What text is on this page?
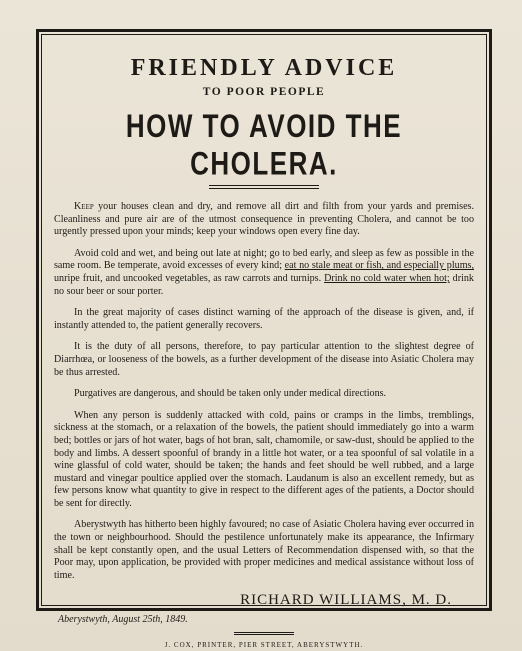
FRIENDLY ADVICE
TO POOR PEOPLE
HOW TO AVOID THE CHOLERA.

Keep your houses clean and dry, and remove all dirt and filth from your yards and premises. Cleanliness and pure air are of the utmost consequence in preventing Cholera, and cannot be too urgently pressed upon your minds; keep your windows open every fine day.

Avoid cold and wet, and being out late at night; go to bed early, and sleep as few as possible in the same room. Be temperate, avoid excesses of every kind; eat no stale meat or fish, and especially plums, unripe fruit, and uncooked vegetables, as raw carrots and turnips. Drink no cold water when hot; drink no sour beer or sour porter.

In the great majority of cases distinct warning of the approach of the disease is given, and, if instantly attended to, the patient generally recovers.

It is the duty of all persons, therefore, to pay particular attention to the slightest degree of Diarrhœa, or looseness of the bowels, as a further development of the disease into Asiatic Cholera may be thus arrested.

Purgatives are dangerous, and should be taken only under medical directions.

When any person is suddenly attacked with cold, pains or cramps in the limbs, tremblings, sickness at the stomach, or a relaxation of the bowels, the patient should immediately go into a warm bed; bottles or jars of hot water, bags of hot bran, salt, chamomile, or saw-dust, should be applied to the body and limbs. A dessert spoonful of brandy in a little hot water, or a tea spoonful of sal volatile in a wine glassful of cold water, should be taken; the hands and feet should be well rubbed, and a large mustard and vinegar poultice applied over the stomach. Laudanum is also an excellent remedy, but as few persons know what quantity to give in respect to the different ages of the patients, a Doctor should be sent for directly.

Aberystwyth has hitherto been highly favoured; no case of Asiatic Cholera having ever occurred in the town or neighbourhood. Should the pestilence unfortunately make its appearance, the Infirmary shall be kept constantly open, and the usual Letters of Recommendation dispensed with, so that the Poor may, upon application, be provided with proper medicines and medical assistance without loss of time.

RICHARD WILLIAMS, M. D.
Aberystwyth, August 25th, 1849.
J. COX, PRINTER, PIER STREET, ABERYSTWYTH.
